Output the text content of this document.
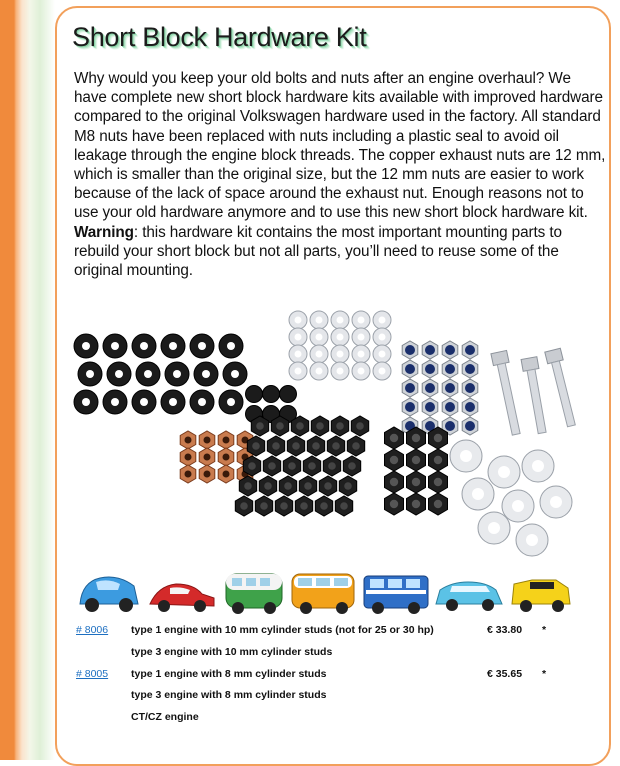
Short Block Hardware Kit

Why would you keep your old bolts and nuts after an engine overhaul? We have complete new short block hardware kits available with improved hardware compared to the original Volkswagen hardware used in the factory. All standard M8 nuts have been replaced with nuts including a plastic seal to avoid oil leakage through the engine block threads. The copper exhaust nuts are 12 mm, which is smaller than the original size, but the 12 mm nuts are easier to work because of the lack of space around the exhaust nut. Enough reasons not to use your old hardware anymore and to use this new short block hardware kit. Warning: this hardware kit contains the most important mounting parts to rebuild your short block but not all parts, you’ll need to reuse some of the original mounting.

# 8006 type 1 engine with 10 mm cylinder studs (not for 25 or 30 hp)	€ 33.80 *
type 3 engine with 10 mm cylinder studs
# 8005 type 1 engine with 8 mm cylinder studs	€ 35.65 *
type 3 engine with 8 mm cylinder studs
CT/CZ engine
